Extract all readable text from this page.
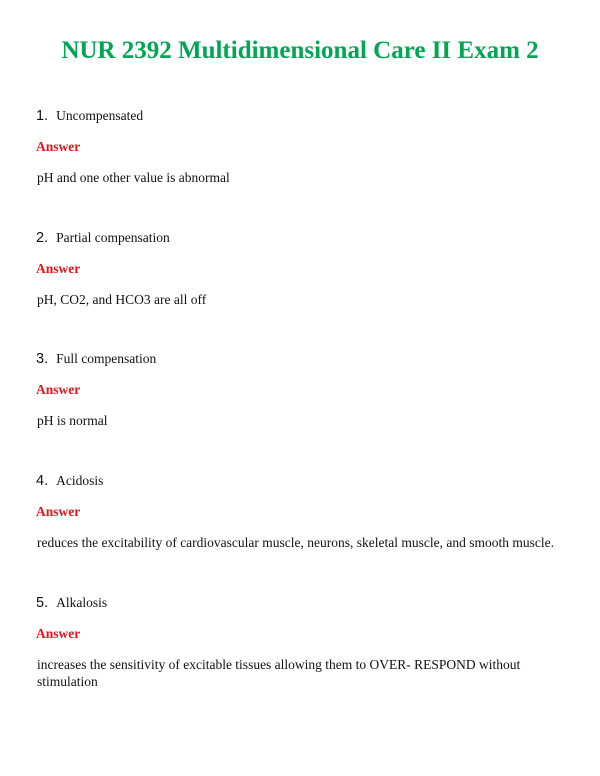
NUR 2392 Multidimensional Care II Exam 2
1 . Uncompensated
Answer
pH and one other value is abnormal
2 . Partial compensation
Answer
pH, CO2, and HCO3 are all off
3 . Full compensation
Answer
pH is normal
4 . Acidosis
Answer
reduces the excitability of cardiovascular muscle, neurons, skeletal muscle, and smooth muscle.
5 . Alkalosis
Answer
increases the sensitivity of excitable tissues allowing them to OVER- RESPOND without stimulation
